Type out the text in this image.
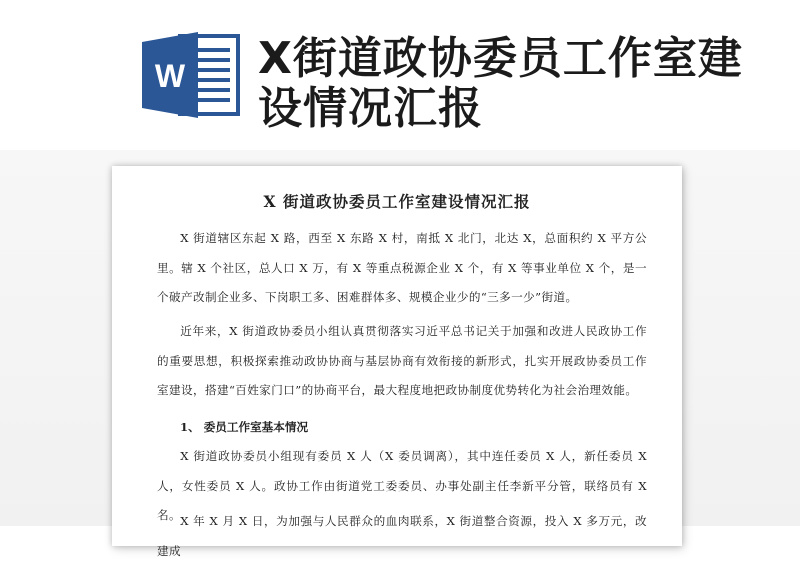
W X街道政协委员工作室建设情况汇报
X 街道政协委员工作室建设情况汇报
X 街道辖区东起 X 路，西至 X 东路 X 村，南抵 X 北门，北达 X，总面积约 X 平方公里。辖 X 个社区，总人口 X 万，有 X 等重点税源企业 X 个，有 X 等事业单位 X 个，是一个破产改制企业多、下岗职工多、困难群体多、规模企业少的“三多一少”街道。
近年来，X 街道政协委员小组认真贯彻落实习近平总书记关于加强和改进人民政协工作的重要思想，积极探索推动政协协商与基层协商有效衔接的新形式，扎实开展政协委员工作室建设，搭建“百姓家门口”的协商平台，最大程度地把政协制度优势转化为社会治理效能。
1、 委员工作室基本情况
X 街道政协委员小组现有委员 X 人（X 委员调离），其中连任委员 X 人，新任委员 X 人，女性委员 X 人。政协工作由街道党工委委员、办事处副主任李新平分管，联络员有 X 名。 X 年 X 月 X 日，为加强与人民群众的血肉联系，X 街道整合资源，投入 X 多万元，改建成
